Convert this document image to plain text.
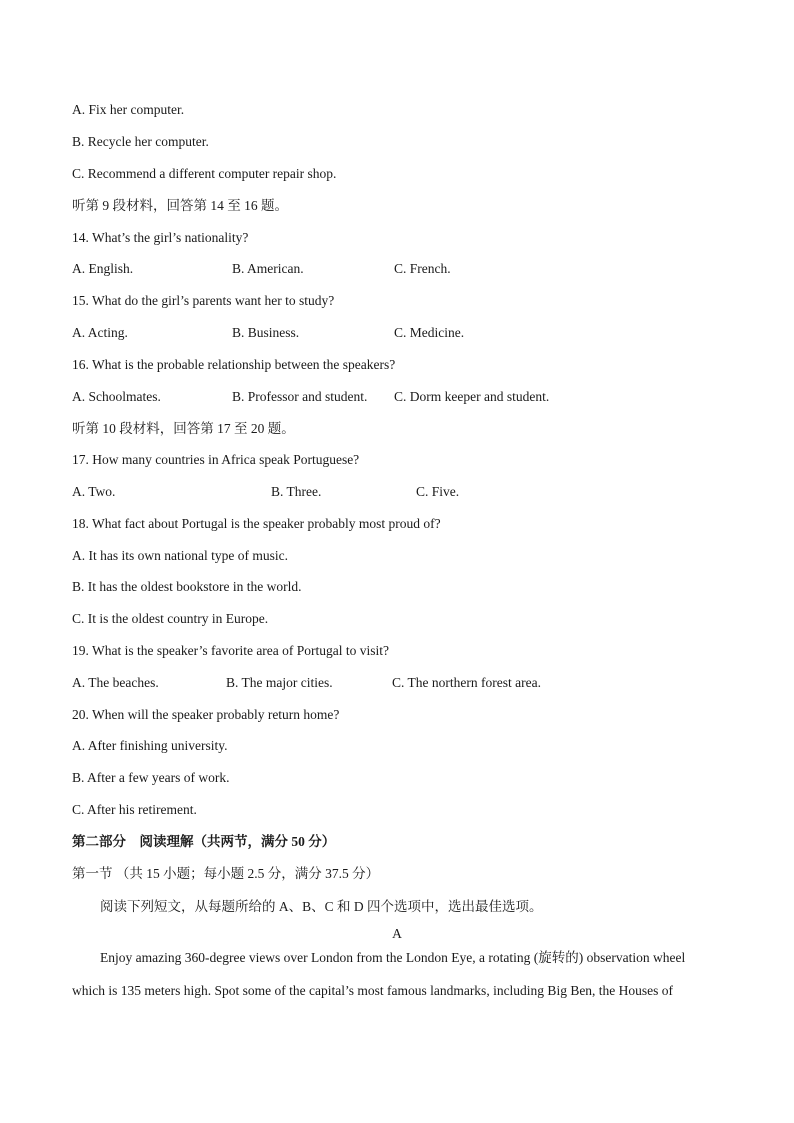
A. Fix her computer.
B. Recycle her computer.
C. Recommend a different computer repair shop.
听第 9 段材料，回答第 14 至 16 题。
14. What’s the girl’s nationality?
A. English.	B. American.	C. French.
15. What do the girl’s parents want her to study?
A. Acting.	B. Business.	C. Medicine.
16. What is the probable relationship between the speakers?
A. Schoolmates.	B. Professor and student. C. Dorm keeper and student.
听第 10 段材料，回答第 17 至 20 题。
17. How many countries in Africa speak Portuguese?
A. Two.	B. Three.	C. Five.
18. What fact about Portugal is the speaker probably most proud of?
A. It has its own national type of music.
B. It has the oldest bookstore in the world.
C. It is the oldest country in Europe.
19. What is the speaker’s favorite area of Portugal to visit?
A. The beaches.	B. The major cities.	C. The northern forest area.
20. When will the speaker probably return home?
A. After finishing university.
B. After a few years of work.
C. After his retirement.
第二部分　阅读理解（共两节，满分 50 分）
第一节 （共 15 小题；每小题 2.5 分，满分 37.5 分）
阅读下列短文，从每题所给的 A、B、C 和 D 四个选项中，选出最佳选项。
A
Enjoy amazing 360-degree views over London from the London Eye, a rotating (旋转的) observation wheel
which is 135 meters high. Spot some of the capital’s most famous landmarks, including Big Ben, the Houses of
